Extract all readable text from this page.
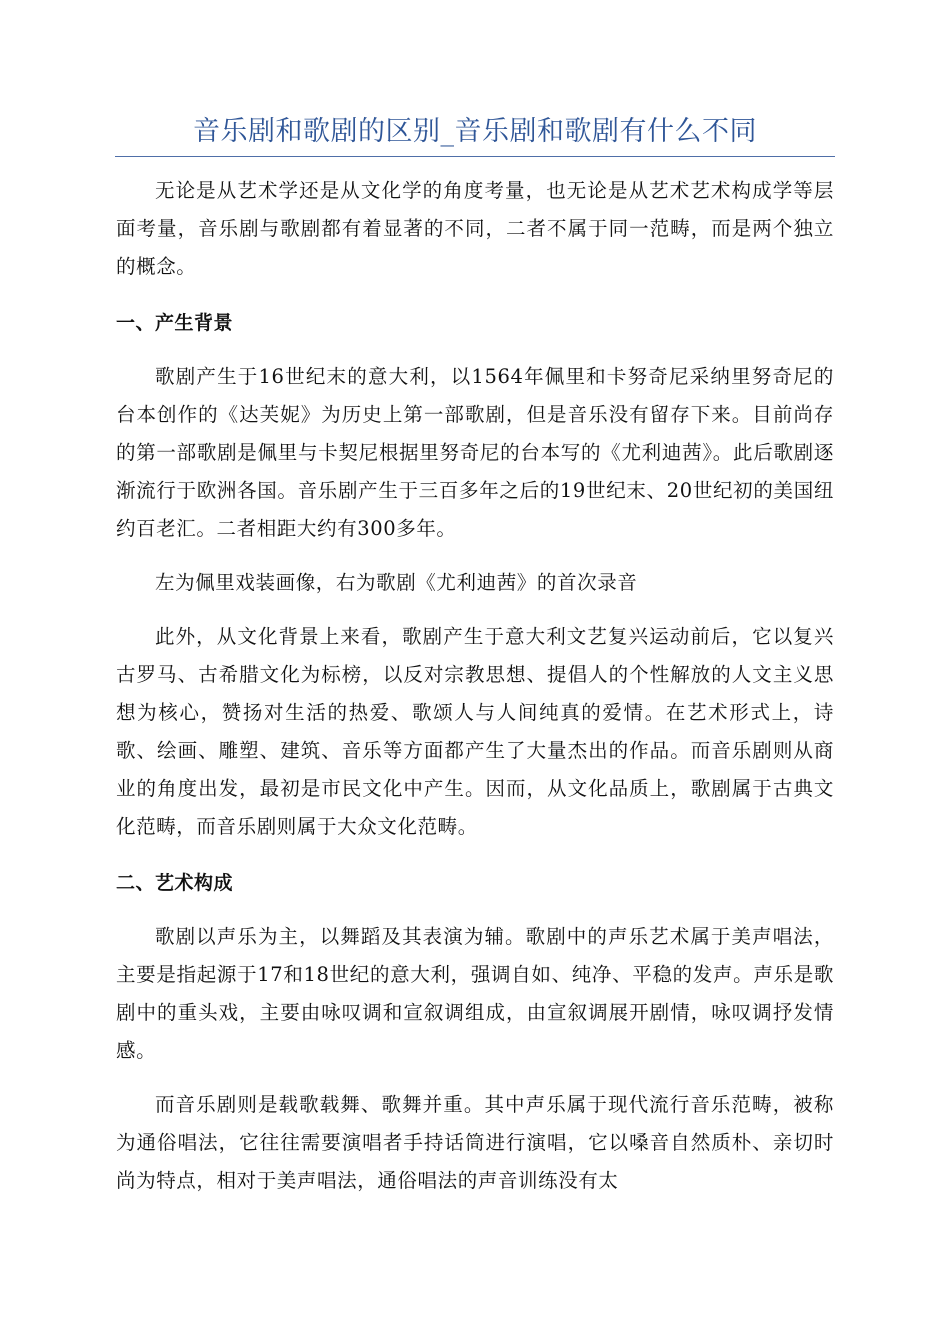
音乐剧和歌剧的区别_音乐剧和歌剧有什么不同

无论是从艺术学还是从文化学的角度考量，也无论是从艺术艺术构成学等层面考量，音乐剧与歌剧都有着显著的不同，二者不属于同一范畴，而是两个独立的概念。

一、产生背景

歌剧产生于16世纪末的意大利，以1564年佩里和卡努奇尼采纳里努奇尼的台本创作的《达芙妮》为历史上第一部歌剧，但是音乐没有留存下来。目前尚存的第一部歌剧是佩里与卡契尼根据里努奇尼的台本写的《尤利迪茜》。此后歌剧逐渐流行于欧洲各国。音乐剧产生于三百多年之后的19世纪末、20世纪初的美国纽约百老汇。二者相距大约有300多年。

左为佩里戏装画像，右为歌剧《尤利迪茜》的首次录音

此外，从文化背景上来看，歌剧产生于意大利文艺复兴运动前后，它以复兴古罗马、古希腊文化为标榜，以反对宗教思想、提倡人的个性解放的人文主义思想为核心，赞扬对生活的热爱、歌颂人与人间纯真的爱情。在艺术形式上，诗歌、绘画、雕塑、建筑、音乐等方面都产生了大量杰出的作品。而音乐剧则从商业的角度出发，最初是市民文化中产生。因而，从文化品质上，歌剧属于古典文化范畴，而音乐剧则属于大众文化范畴。

二、艺术构成

歌剧以声乐为主，以舞蹈及其表演为辅。歌剧中的声乐艺术属于美声唱法，主要是指起源于17和18世纪的意大利，强调自如、纯净、平稳的发声。声乐是歌剧中的重头戏，主要由咏叹调和宣叙调组成，由宣叙调展开剧情，咏叹调抒发情感。

而音乐剧则是载歌载舞、歌舞并重。其中声乐属于现代流行音乐范畴，被称为通俗唱法，它往往需要演唱者手持话筒进行演唱，它以嗓音自然质朴、亲切时尚为特点，相对于美声唱法，通俗唱法的声音训练没有太
